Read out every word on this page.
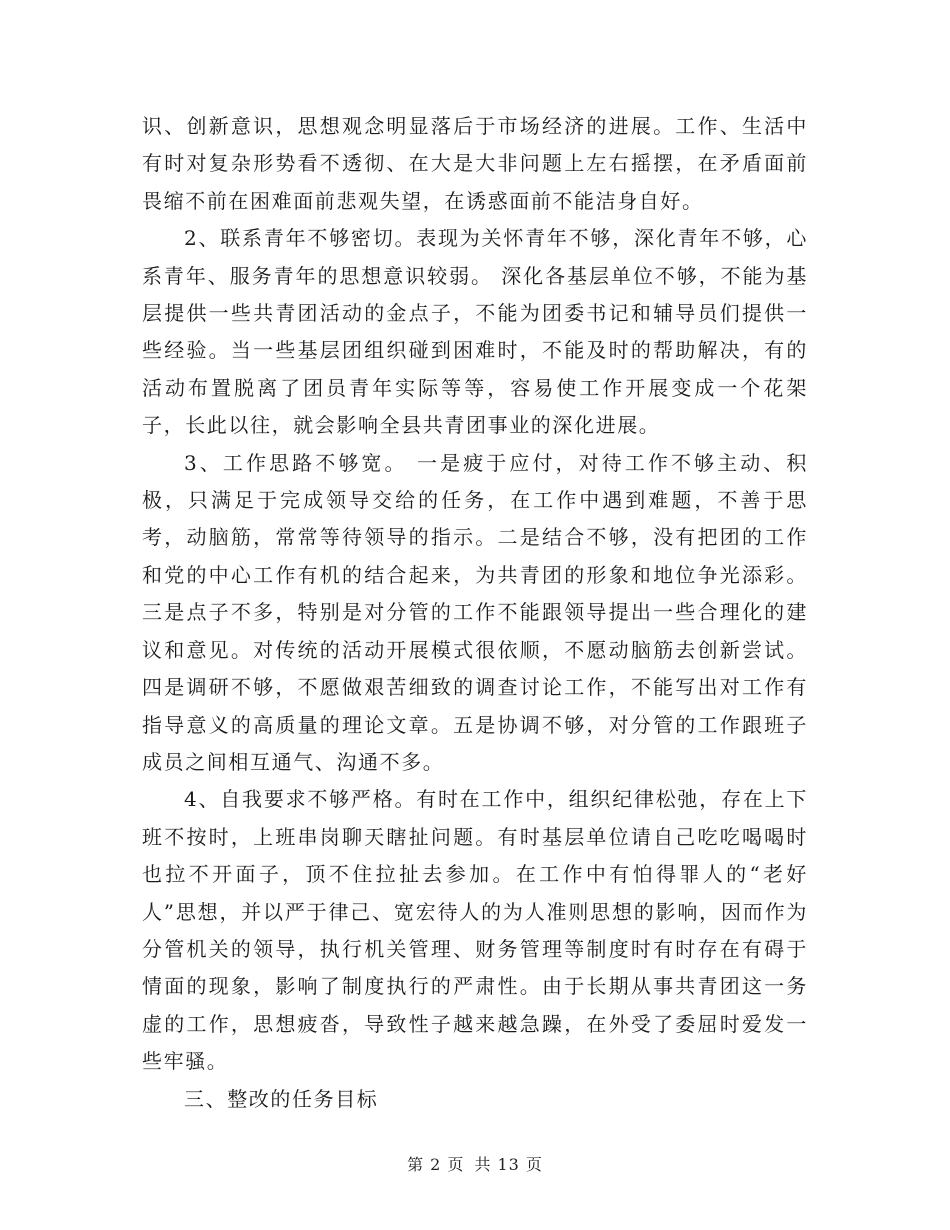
识、创新意识，思想观念明显落后于市场经济的进展。工作、生活中有时对复杂形势看不透彻、在大是大非问题上左右摇摆，在矛盾面前畏缩不前在困难面前悲观失望，在诱惑面前不能洁身自好。

2、联系青年不够密切。表现为关怀青年不够，深化青年不够，心系青年、服务青年的思想意识较弱。 深化各基层单位不够，不能为基层提供一些共青团活动的金点子，不能为团委书记和辅导员们提供一些经验。当一些基层团组织碰到困难时，不能及时的帮助解决，有的活动布置脱离了团员青年实际等等，容易使工作开展变成一个花架子，长此以往，就会影响全县共青团事业的深化进展。

3、工作思路不够宽。 一是疲于应付，对待工作不够主动、积极，只满足于完成领导交给的任务，在工作中遇到难题，不善于思考，动脑筋，常常等待领导的指示。二是结合不够，没有把团的工作和党的中心工作有机的结合起来，为共青团的形象和地位争光添彩。三是点子不多，特别是对分管的工作不能跟领导提出一些合理化的建议和意见。对传统的活动开展模式很依顺，不愿动脑筋去创新尝试。 四是调研不够，不愿做艰苦细致的调查讨论工作，不能写出对工作有指导意义的高质量的理论文章。五是协调不够，对分管的工作跟班子成员之间相互通气、沟通不多。

4、自我要求不够严格。有时在工作中，组织纪律松弛，存在上下班不按时，上班串岗聊天瞎扯问题。有时基层单位请自己吃吃喝喝时也拉不开面子，顶不住拉扯去参加。在工作中有怕得罪人的“老好人”思想，并以严于律己、宽宏待人的为人准则思想的影响，因而作为分管机关的领导，执行机关管理、财务管理等制度时有时存在有碍于情面的现象，影响了制度执行的严肃性。由于长期从事共青团这一务虚的工作，思想疲沓，导致性子越来越急躁，在外受了委屈时爱发一些牢骚。

三、整改的任务目标

第 2 页 共 13 页
